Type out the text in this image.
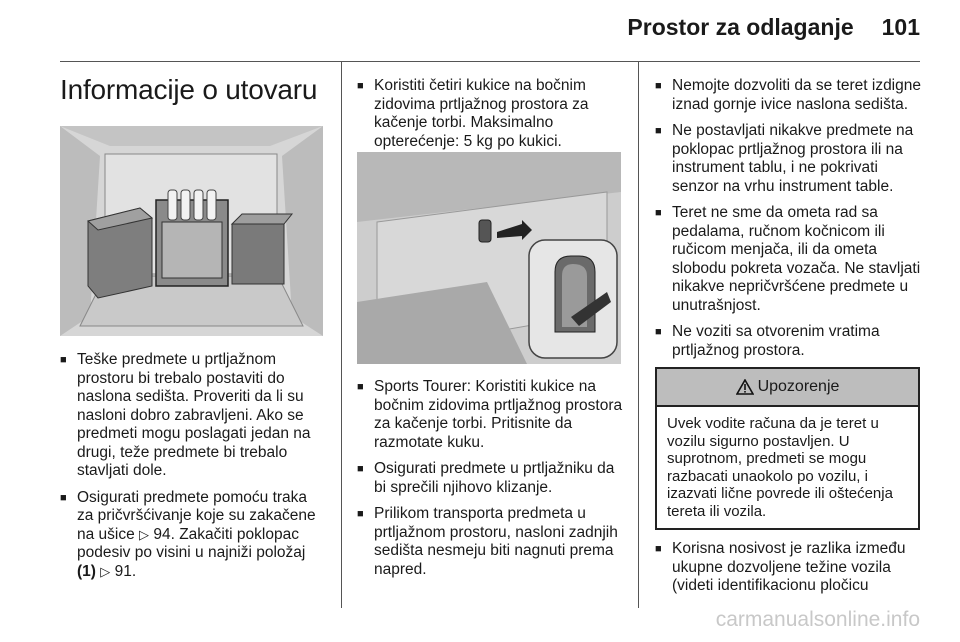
Prostor za odlaganje 101
Informacije o utovaru

■ Teške predmete u prtljažnom prostoru bi trebalo postaviti do naslona sedišta. Proveriti da li su nasloni dobro zabravljeni. Ako se predmeti mogu poslagati jedan na drugi, teže predmete bi trebalo stavljati dole.

■ Osigurati predmete pomoću traka za pričvršćivanje koje su zakačene na ušice ▷ 94. Zakačiti poklopac podesiv po visini u najniži položaj (1) ▷ 91.

■ Koristiti četiri kukice na bočnim zidovima prtljažnog prostora za kačenje torbi. Maksimalno opterećenje: 5 kg po kukici.

■ Sports Tourer: Koristiti kukice na bočnim zidovima prtljažnog prostora za kačenje torbi. Pritisnite da razmotate kuku.

■ Osigurati predmete u prtljažniku da bi sprečili njihovo klizanje.

■ Prilikom transporta predmeta u prtljažnom prostoru, nasloni zadnjih sedišta nesmeju biti nagnuti prema napred.

■ Nemojte dozvoliti da se teret izdigne iznad gornje ivice naslona sedišta.

■ Ne postavljati nikakve predmete na poklopac prtljažnog prostora ili na instrument tablu, i ne pokrivati senzor na vrhu instrument table.

■ Teret ne sme da ometa rad sa pedalama, ručnom kočnicom ili ručicom menjača, ili da ometa slobodu pokreta vozača. Ne stavljati nikakve nepričvršćene predmete u unutrašnjost.

■ Ne voziti sa otvorenim vratima prtljažnog prostora.

Upozorenje
Uvek vodite računa da je teret u vozilu sigurno postavljen. U suprotnom, predmeti se mogu razbacati unaokolo po vozilu, i izazvati lične povrede ili oštećenja tereta ili vozila.

■ Korisna nosivost je razlika između ukupne dozvoljene težine vozila (videti identifikacionu pločicu

carmanualsonline.info
